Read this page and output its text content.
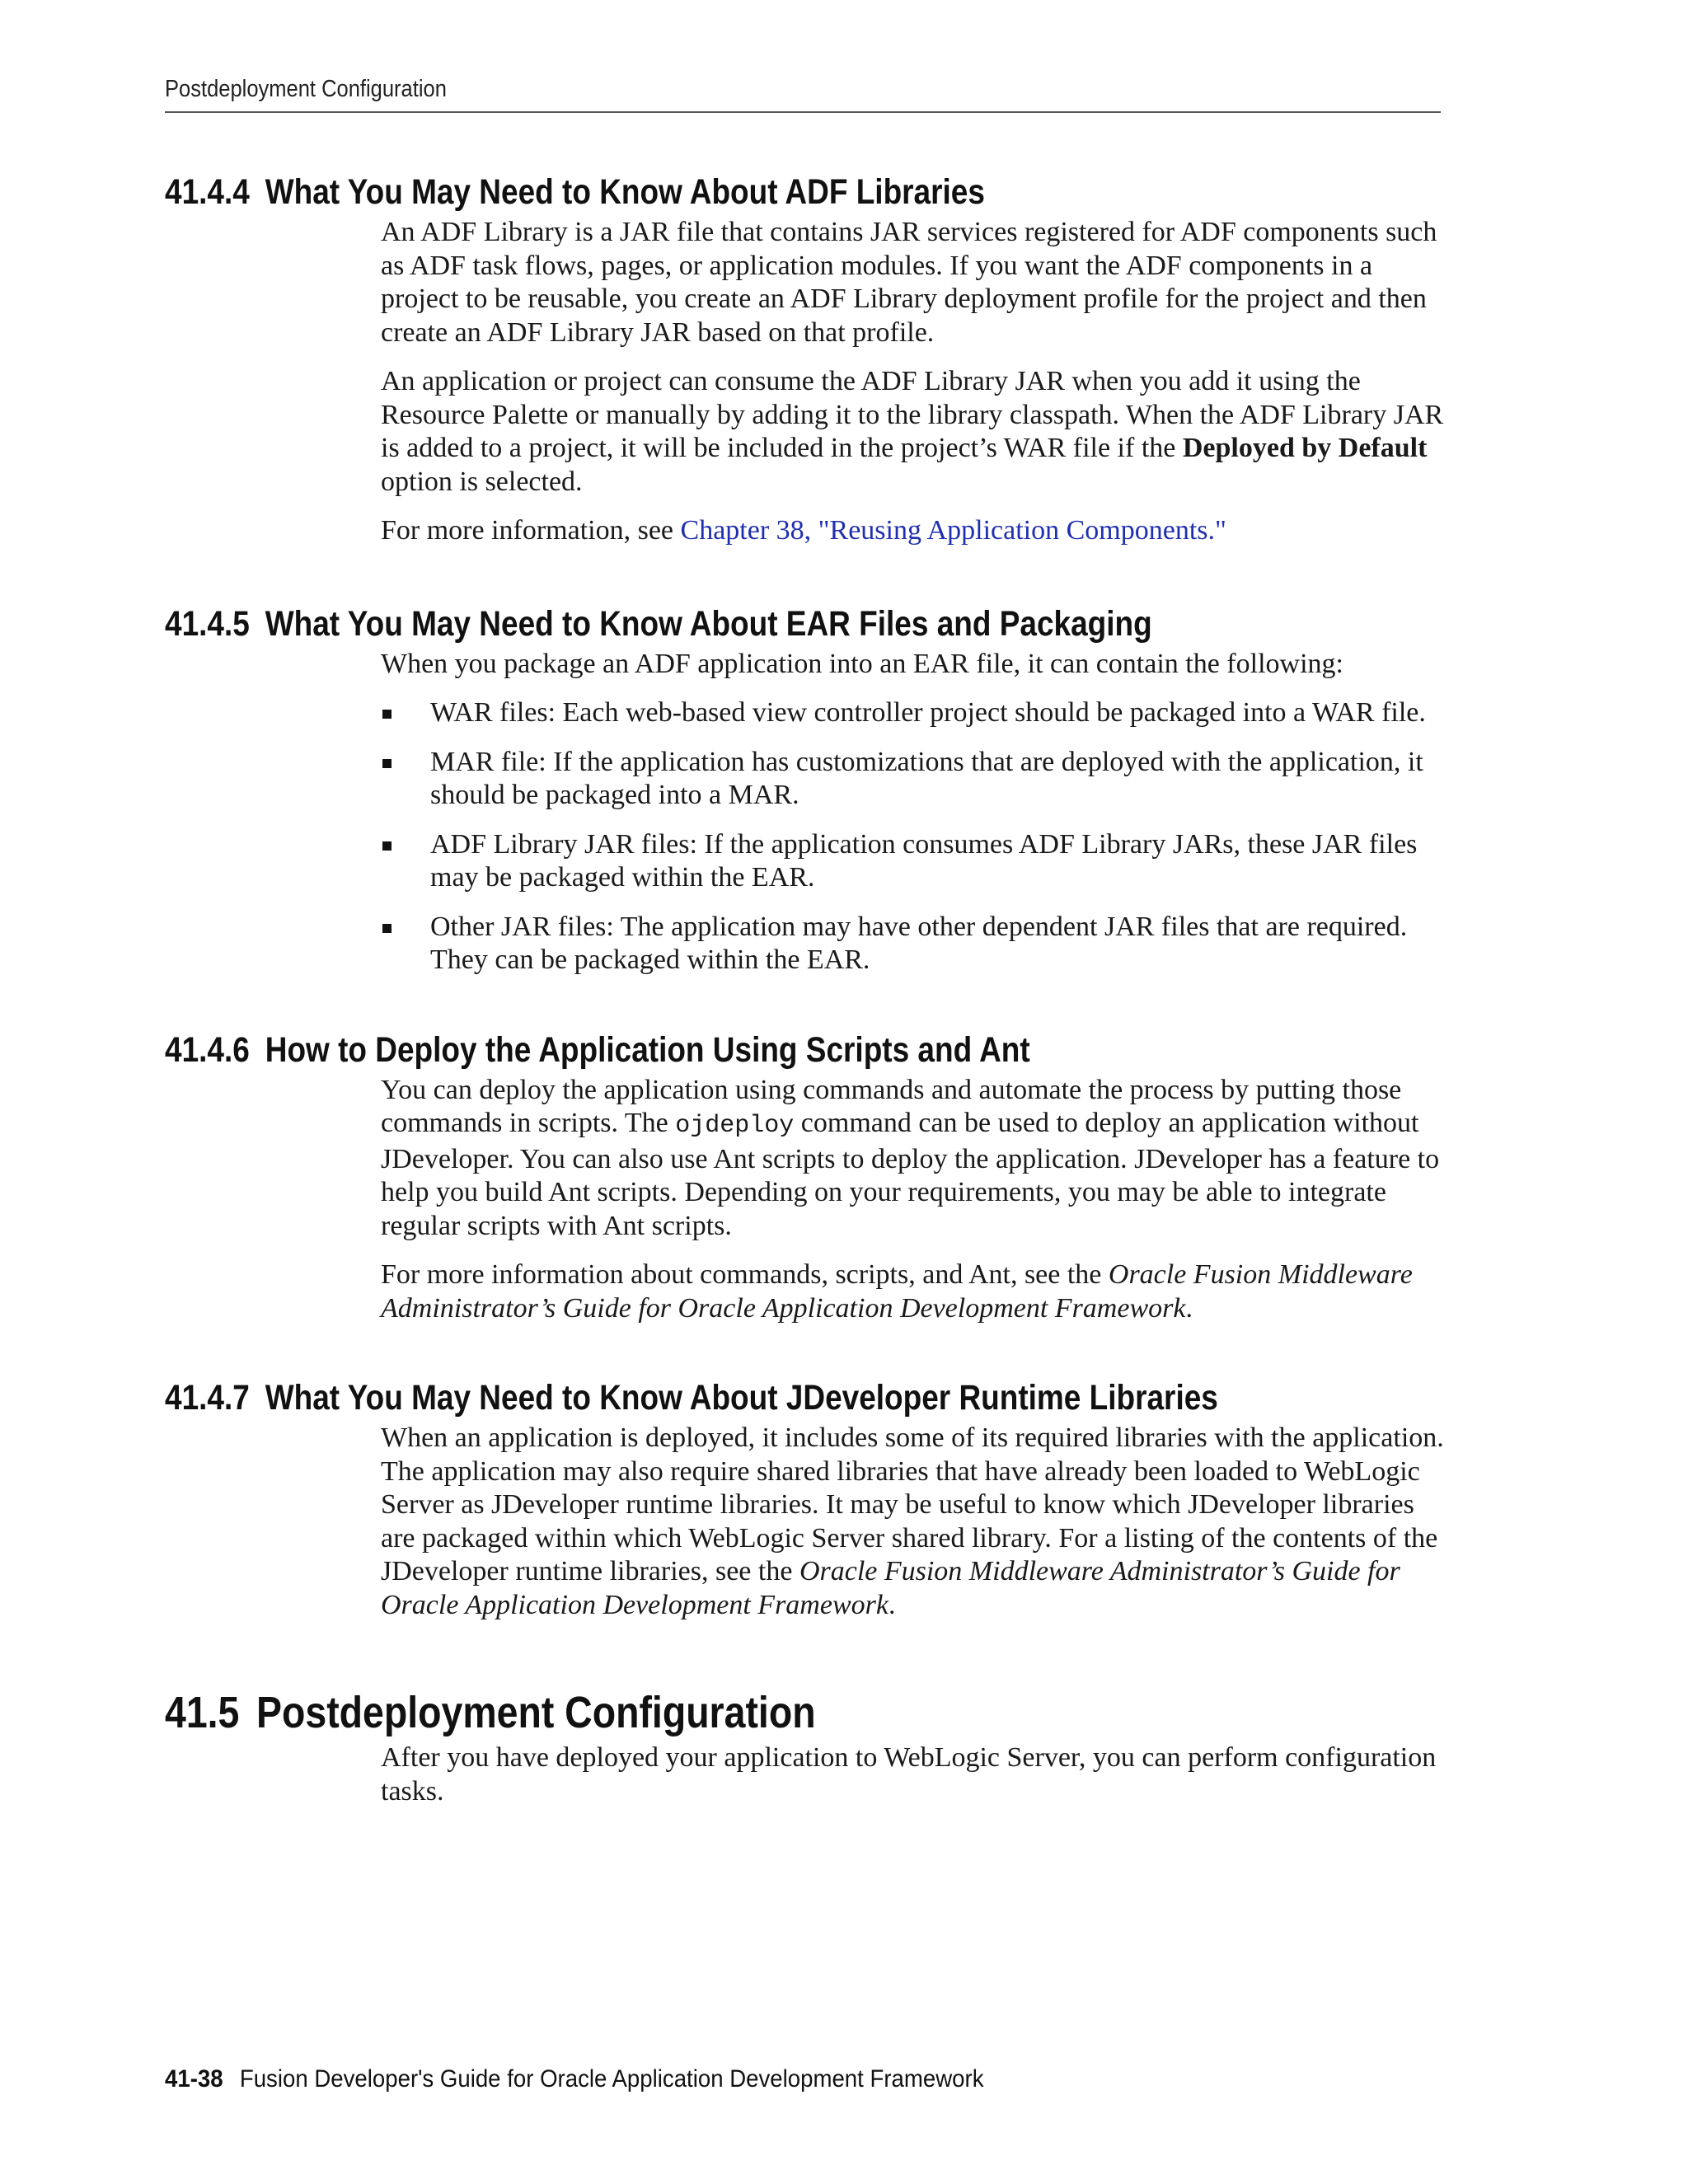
Postdeployment Configuration
41.4.4 What You May Need to Know About ADF Libraries

An ADF Library is a JAR file that contains JAR services registered for ADF components such as ADF task flows, pages, or application modules. If you want the ADF components in a project to be reusable, you create an ADF Library deployment profile for the project and then create an ADF Library JAR based on that profile.

An application or project can consume the ADF Library JAR when you add it using the Resource Palette or manually by adding it to the library classpath. When the ADF Library JAR is added to a project, it will be included in the project’s WAR file if the Deployed by Default option is selected.

For more information, see Chapter 38, "Reusing Application Components."

41.4.5 What You May Need to Know About EAR Files and Packaging

When you package an ADF application into an EAR file, it can contain the following:

WAR files: Each web-based view controller project should be packaged into a WAR file.
MAR file: If the application has customizations that are deployed with the application, it should be packaged into a MAR.
ADF Library JAR files: If the application consumes ADF Library JARs, these JAR files may be packaged within the EAR.
Other JAR files: The application may have other dependent JAR files that are required. They can be packaged within the EAR.
41.4.6 How to Deploy the Application Using Scripts and Ant

You can deploy the application using commands and automate the process by putting those commands in scripts. The ojdeploy command can be used to deploy an application without JDeveloper. You can also use Ant scripts to deploy the application. JDeveloper has a feature to help you build Ant scripts. Depending on your requirements, you may be able to integrate regular scripts with Ant scripts.

For more information about commands, scripts, and Ant, see the Oracle Fusion Middleware Administrator’s Guide for Oracle Application Development Framework.

41.4.7 What You May Need to Know About JDeveloper Runtime Libraries

When an application is deployed, it includes some of its required libraries with the application. The application may also require shared libraries that have already been loaded to WebLogic Server as JDeveloper runtime libraries. It may be useful to know which JDeveloper libraries are packaged within which WebLogic Server shared library. For a listing of the contents of the JDeveloper runtime libraries, see the Oracle Fusion Middleware Administrator’s Guide for Oracle Application Development Framework.

41.5 Postdeployment Configuration

After you have deployed your application to WebLogic Server, you can perform configuration tasks.

41-38 Fusion Developer's Guide for Oracle Application Development Framework
